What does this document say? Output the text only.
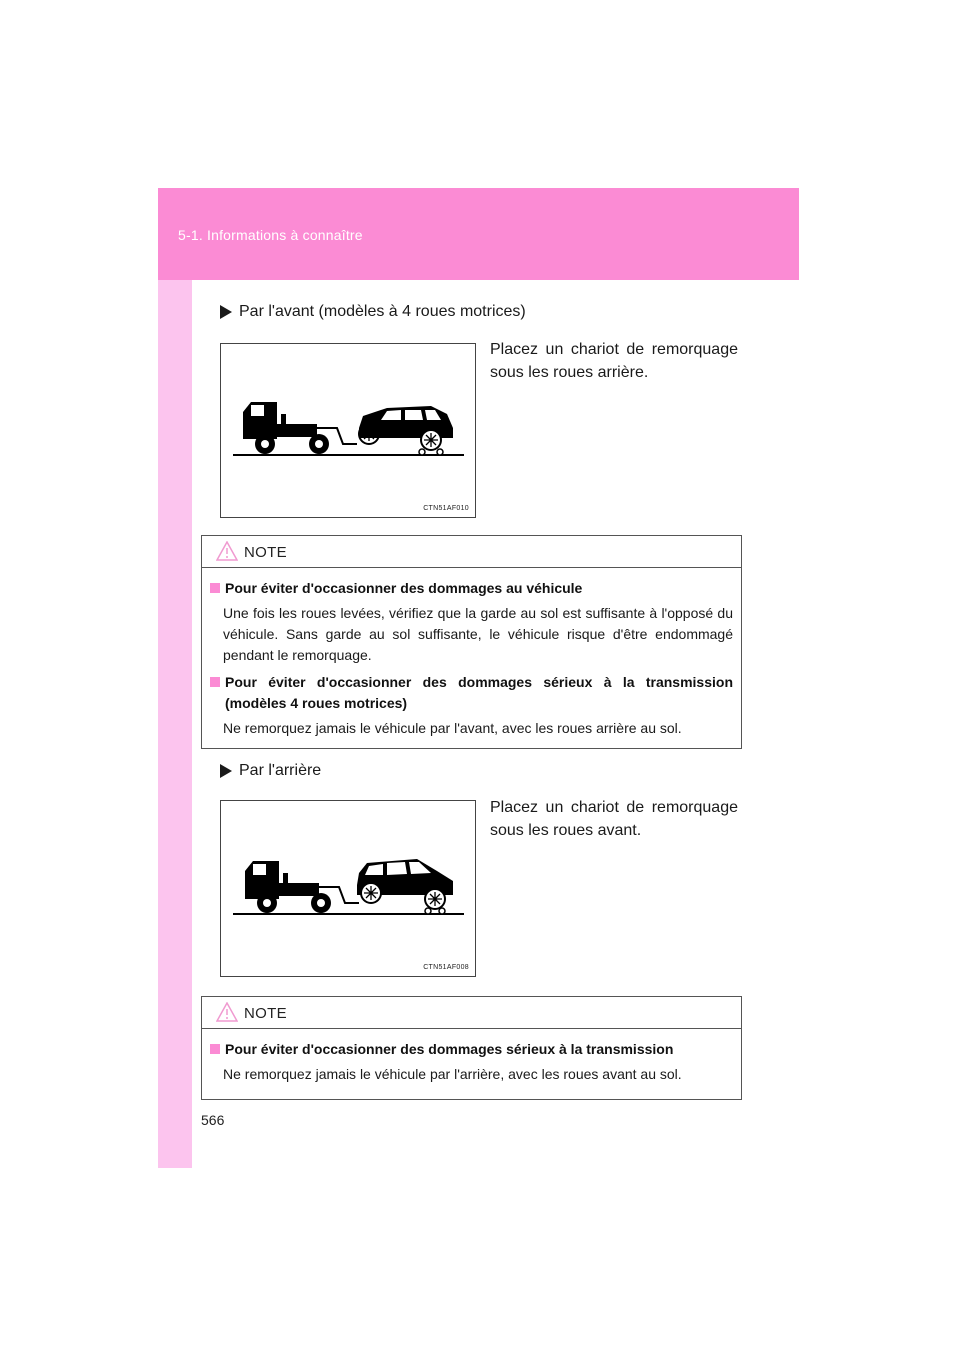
5-1. Informations à connaître
Par l'avant (modèles à 4 roues motrices)
CTN51AF010

Placez un chariot de remorquage sous les roues arrière.

NOTE
Pour éviter d'occasionner des dommages au véhicule

Une fois les roues levées, vérifiez que la garde au sol est suffisante à l'opposé du véhicule. Sans garde au sol suffisante, le véhicule risque d'être endommagé pendant le remorquage.

Pour éviter d'occasionner des dommages sérieux à la transmission (modèles 4 roues motrices)

Ne remorquez jamais le véhicule par l'avant, avec les roues arrière au sol.

Par l'arrière
CTN51AF008

Placez un chariot de remorquage sous les roues avant.

NOTE
Pour éviter d'occasionner des dommages sérieux à la transmission

Ne remorquez jamais le véhicule par l'arrière, avec les roues avant au sol.

566
